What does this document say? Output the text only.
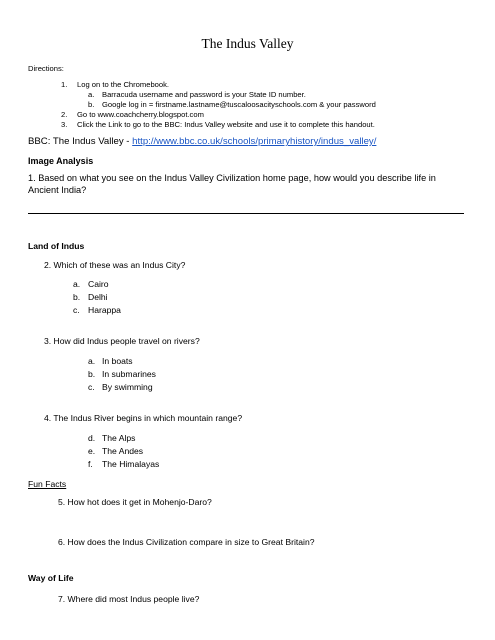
The Indus Valley
Directions:
1. Log on to the Chromebook.
a. Barracuda username and password is your State ID number.
b. Google log in = firstname.lastname@tuscaloosacityschools.com & your password
2. Go to www.coachcherry.blogspot.com
3. Click the Link to go to the BBC: Indus Valley website and use it to complete this handout.
BBC: The Indus Valley - http://www.bbc.co.uk/schools/primaryhistory/indus_valley/
Image Analysis
1. Based on what you see on the Indus Valley Civilization home page, how would you describe life in
Ancient India?
Land of Indus
2. Which of these was an Indus City?
a. Cairo
b. Delhi
c. Harappa
3. How did Indus people travel on rivers?
a. In boats
b. In submarines
c. By swimming
4. The Indus River begins in which mountain range?
d. The Alps
e. The Andes
f. The Himalayas
Fun Facts
5. How hot does it get in Mohenjo-Daro?
6. How does the Indus Civilization compare in size to Great Britain?
Way of Life
7. Where did most Indus people live?
